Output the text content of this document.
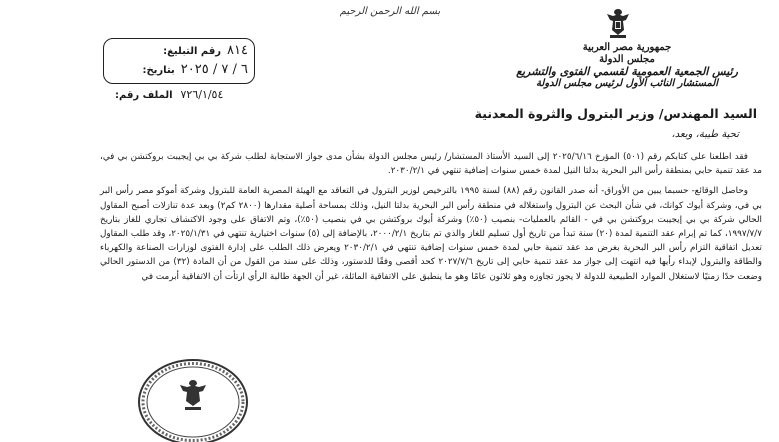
بسم الله الرحمن الرحيم
جمهورية مصر العربية
مجلس الدولة
رئيس الجمعية العمومية لقسمي الفتوى والتشريع
المستشار النائب الأول لرئيس مجلس الدولة
رقم التبليغ: ٨١٤
بتاريخ: ٦ / ٧ / ٢٠٢٥
الملف رقم: ٧٢٦/١/٥٤
السيد المهندس/ وزير البترول والثروة المعدنية
تحية طيبة، وبعد،

فقد اطلعنا على كتابكم رقم (٥٠١) المؤرخ ٢٠٢٥/٦/١٦ إلى السيد الأستاذ المستشار/ رئيس مجلس الدولة بشأن مدى جواز الاستجابة لطلب شركة بي بي إيجيبت بروكتشن بي في، مد عقد تنمية حابي بمنطقة رأس البر البحرية بدلتا النيل لمدة خمس سنوات إضافية تنتهي في ٢٠٣٠/٢/١.

وحاصل الوقائع- حسبما يبين من الأوراق- أنه صدر القانون رقم (٨٨) لسنة ١٩٩٥ بالترخيص لوزير البترول في التعاقد مع الهيئة المصرية العامة للبترول وشركة أموكو مصر رأس البر بي في، وشركة أيوك كوانك، في شأن البحث عن البترول واستغلاله في منطقة رأس البر البحرية بدلتا النيل، وذلك بمساحة أصلية مقدارها (٢٨٠٠ كم٢) وبعد عدة تنازلات أصبح المقاول الحالي شركة بي بي إيجيبت بروكتشن بي في - القائم بالعمليات- بنصيب (٥٠٪) وشركة أيوك بروكتشن بي في بنصيب (٥٠٪)، وتم الاتفاق على وجود الاكتشاف تجاري للغاز بتاريخ ١٩٩٧/٧/٧، كما تم إبرام عقد التنمية لمدة (٢٠) سنة تبدأ من تاريخ أول تسليم للغاز والذي تم بتاريخ ٢٠٠٠/٢/١، بالإضافة إلى (٥) سنوات اختيارية تنتهي في ٢٠٢٥/١/٣١، وقد طلب المقاول تعديل اتفاقية التزام رأس البر البحرية بغرض مد عقد تنمية حابي لمدة خمس سنوات إضافية تنتهي في ٢٠٣٠/٢/١ ويعرض ذلك الطلب على إدارة الفتوى لوزارات الصناعة والكهرباء والطاقة والبترول لإبداء رأيها فيه انتهت إلى جواز مد عقد تنمية حابي إلى تاريخ ٢٠٢٧/٧/٦ كحد أقصى وفقًا للدستور، وذلك على سند من القول من أن المادة (٣٢) من الدستور الحالي وضعت حدًا زمنيًا لاستغلال الموارد الطبيعية للدولة لا يجوز تجاوزه وهو ثلاثون عامًا وهو ما ينطبق على الاتفاقية الماثلة، غير أن الجهة طالبة الرأي ارتأت أن الاتفاقية أبرمت في
